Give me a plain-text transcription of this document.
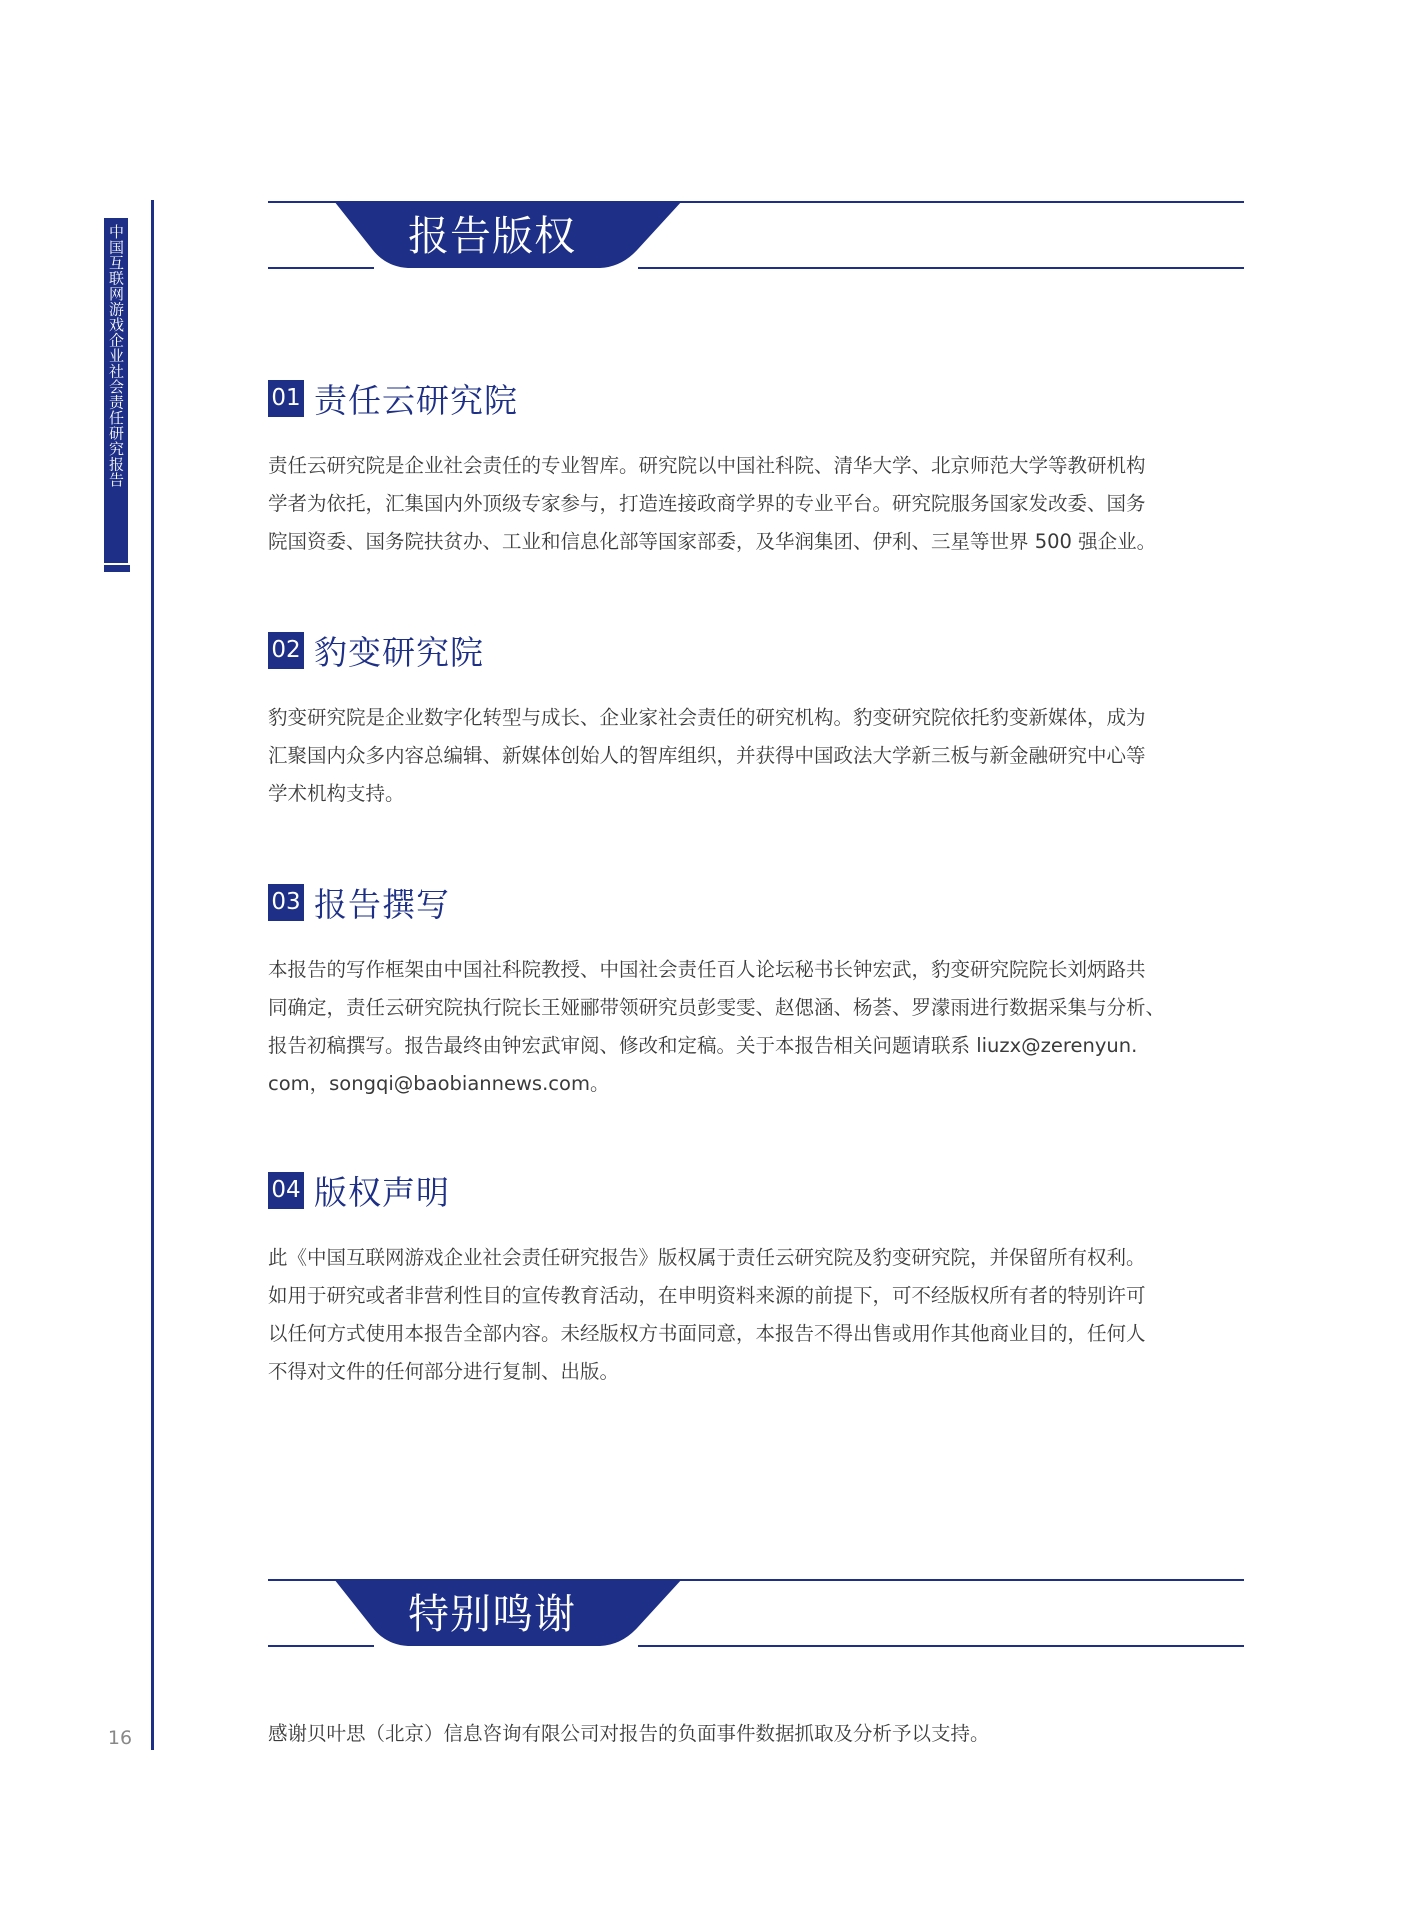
中国互联网游戏企业社会责任研究报告
16
报告版权
01 责任云研究院
责任云研究院是企业社会责任的专业智库。研究院以中国社科院、清华大学、北京师范大学等教研机构
学者为依托，汇集国内外顶级专家参与，打造连接政商学界的专业平台。研究院服务国家发改委、国务
院国资委、国务院扶贫办、工业和信息化部等国家部委，及华润集团、伊利、三星等世界 500 强企业。
02 豹变研究院
豹变研究院是企业数字化转型与成长、企业家社会责任的研究机构。豹变研究院依托豹变新媒体，成为
汇聚国内众多内容总编辑、新媒体创始人的智库组织，并获得中国政法大学新三板与新金融研究中心等
学术机构支持。
03 报告撰写
本报告的写作框架由中国社科院教授、中国社会责任百人论坛秘书长钟宏武，豹变研究院院长刘炳路共
同确定，责任云研究院执行院长王娅郦带领研究员彭雯雯、赵偲涵、杨荟、罗濛雨进行数据采集与分析、
报告初稿撰写。报告最终由钟宏武审阅、修改和定稿。关于本报告相关问题请联系 liuzx@zerenyun.
com，songqi@baobiannews.com。
04 版权声明
此《中国互联网游戏企业社会责任研究报告》版权属于责任云研究院及豹变研究院，并保留所有权利。
如用于研究或者非营利性目的宣传教育活动，在申明资料来源的前提下，可不经版权所有者的特别许可
以任何方式使用本报告全部内容。未经版权方书面同意，本报告不得出售或用作其他商业目的，任何人
不得对文件的任何部分进行复制、出版。
特别鸣谢
感谢贝叶思（北京）信息咨询有限公司对报告的负面事件数据抓取及分析予以支持。
